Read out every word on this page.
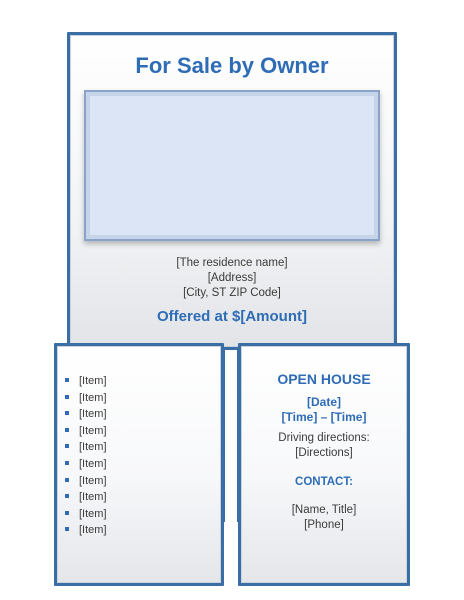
For Sale by Owner
[The residence name]
[Address]
[City, ST ZIP Code]
Offered at $[Amount]
[Item]
[Item]
[Item]
[Item]
[Item]
[Item]
[Item]
[Item]
[Item]
[Item]
OPEN HOUSE
[Date]
[Time] – [Time]
Driving directions:
[Directions]
CONTACT:
[Name, Title]
[Phone]
